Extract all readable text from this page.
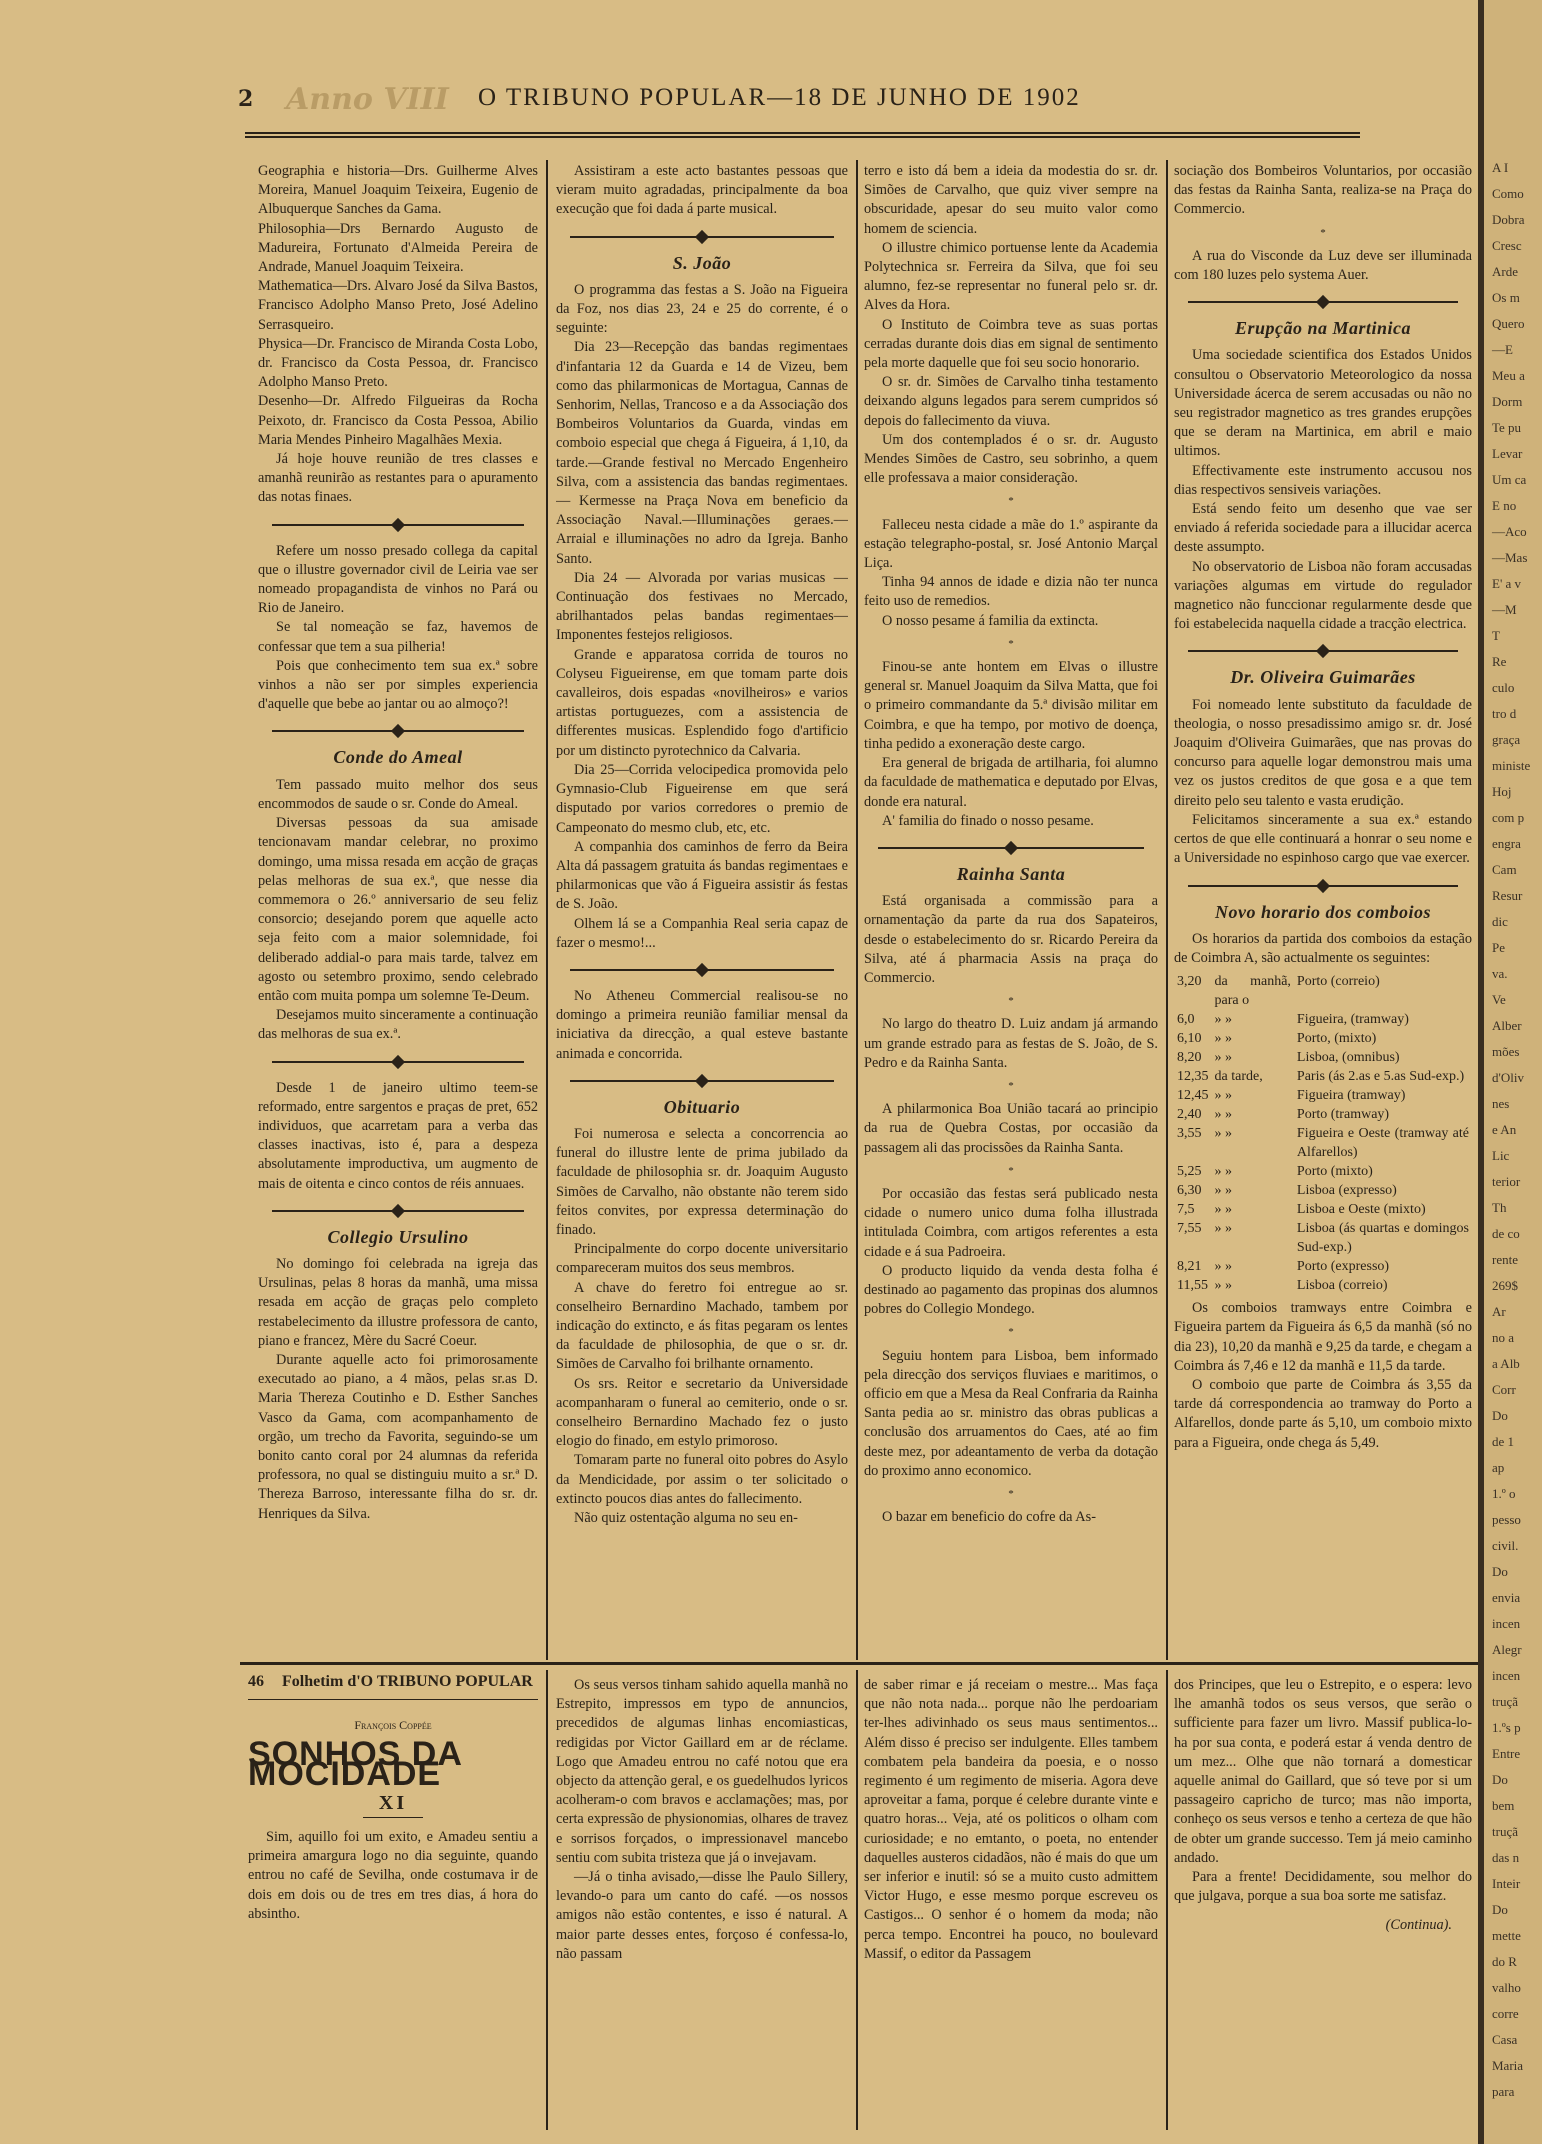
2 Anno VIII O TRIBUNO POPULAR—18 DE JUNHO DE 1902

Geographia e historia—Drs. Guilherme Alves Moreira, Manuel Joaquim Teixeira, Eugenio de Albuquerque Sanches da Gama.

Philosophia—Drs Bernardo Augusto de Madureira, Fortunato d'Almeida Pereira de Andrade, Manuel Joaquim Teixeira.

Mathematica—Drs. Alvaro José da Silva Bastos, Francisco Adolpho Manso Preto, José Adelino Serrasqueiro.

Physica—Dr. Francisco de Miranda Costa Lobo, dr. Francisco da Costa Pessoa, dr. Francisco Adolpho Manso Preto.

Desenho—Dr. Alfredo Filgueiras da Rocha Peixoto, dr. Francisco da Costa Pessoa, Abilio Maria Mendes Pinheiro Magalhães Mexia.

Já hoje houve reunião de tres classes e amanhã reunirão as restantes para o apuramento das notas finaes.

Refere um nosso presado collega da capital que o illustre governador civil de Leiria vae ser nomeado propagandista de vinhos no Pará ou Rio de Janeiro.

Se tal nomeação se faz, havemos de confessar que tem a sua pilheria!

Pois que conhecimento tem sua ex.ª sobre vinhos a não ser por simples experiencia d'aquelle que bebe ao jantar ou ao almoço?!

Conde do Ameal

Tem passado muito melhor dos seus encommodos de saude o sr. Conde do Ameal.

Diversas pessoas da sua amisade tencionavam mandar celebrar, no proximo domingo, uma missa resada em acção de graças pelas melhoras de sua ex.ª, que nesse dia commemora o 26.º anniversario de seu feliz consorcio; desejando porem que aquelle acto seja feito com a maior solemnidade, foi deliberado addial-o para mais tarde, talvez em agosto ou setembro proximo, sendo celebrado então com muita pompa um solemne Te-Deum.

Desejamos muito sinceramente a continuação das melhoras de sua ex.ª.

Desde 1 de janeiro ultimo teem-se reformado, entre sargentos e praças de pret, 652 individuos, que acarretam para a verba das classes inactivas, isto é, para a despeza absolutamente improductiva, um augmento de mais de oitenta e cinco contos de réis annuaes.

Collegio Ursulino

No domingo foi celebrada na igreja das Ursulinas, pelas 8 horas da manhã, uma missa resada em acção de graças pelo completo restabelecimento da illustre professora de canto, piano e francez, Mère du Sacré Coeur.

Durante aquelle acto foi primorosamente executado ao piano, a 4 mãos, pelas sr.as D. Maria Thereza Coutinho e D. Esther Sanches Vasco da Gama, com acompanhamento de orgão, um trecho da Favorita, seguindo-se um bonito canto coral por 24 alumnas da referida professora, no qual se distinguiu muito a sr.ª D. Thereza Barroso, interessante filha do sr. dr. Henriques da Silva.

Assistiram a este acto bastantes pessoas que vieram muito agradadas, principalmente da boa execução que foi dada á parte musical.

S. João

O programma das festas a S. João na Figueira da Foz, nos dias 23, 24 e 25 do corrente, é o seguinte:

Dia 23—Recepção das bandas regimentaes d'infantaria 12 da Guarda e 14 de Vizeu, bem como das philarmonicas de Mortagua, Cannas de Senhorim, Nellas, Trancoso e a da Associação dos Bombeiros Voluntarios da Guarda, vindas em comboio especial que chega á Figueira, á 1,10, da tarde.—Grande festival no Mercado Engenheiro Silva, com a assistencia das bandas regimentaes. — Kermesse na Praça Nova em beneficio da Associação Naval.—Illuminações geraes.—Arraial e illuminações no adro da Igreja. Banho Santo.

Dia 24 — Alvorada por varias musicas —Continuação dos festivaes no Mercado, abrilhantados pelas bandas regimentaes—Imponentes festejos religiosos.

Grande e apparatosa corrida de touros no Colyseu Figueirense, em que tomam parte dois cavalleiros, dois espadas «novilheiros» e varios artistas portuguezes, com a assistencia de differentes musicas. Esplendido fogo d'artificio por um distincto pyrotechnico da Calvaria.

Dia 25—Corrida velocipedica promovida pelo Gymnasio-Club Figueirense em que será disputado por varios corredores o premio de Campeonato do mesmo club, etc, etc.

A companhia dos caminhos de ferro da Beira Alta dá passagem gratuita ás bandas regimentaes e philarmonicas que vão á Figueira assistir ás festas de S. João.

Olhem lá se a Companhia Real seria capaz de fazer o mesmo!...

No Atheneu Commercial realisou-se no domingo a primeira reunião familiar mensal da iniciativa da direcção, a qual esteve bastante animada e concorrida.

Obituario

Foi numerosa e selecta a concorrencia ao funeral do illustre lente de prima jubilado da faculdade de philosophia sr. dr. Joaquim Augusto Simões de Carvalho, não obstante não terem sido feitos convites, por expressa determinação do finado.

Principalmente do corpo docente universitario compareceram muitos dos seus membros.

A chave do feretro foi entregue ao sr. conselheiro Bernardino Machado, tambem por indicação do extincto, e ás fitas pegaram os lentes da faculdade de philosophia, de que o sr. dr. Simões de Carvalho foi brilhante ornamento.

Os srs. Reitor e secretario da Universidade acompanharam o funeral ao cemiterio, onde o sr. conselheiro Bernardino Machado fez o justo elogio do finado, em estylo primoroso.

Tomaram parte no funeral oito pobres do Asylo da Mendicidade, por assim o ter solicitado o extincto poucos dias antes do fallecimento.

Não quiz ostentação alguma no seu en-

terro e isto dá bem a ideia da modestia do sr. dr. Simões de Carvalho, que quiz viver sempre na obscuridade, apesar do seu muito valor como homem de sciencia.

O illustre chimico portuense lente da Academia Polytechnica sr. Ferreira da Silva, que foi seu alumno, fez-se representar no funeral pelo sr. dr. Alves da Hora.

O Instituto de Coimbra teve as suas portas cerradas durante dois dias em signal de sentimento pela morte daquelle que foi seu socio honorario.

O sr. dr. Simões de Carvalho tinha testamento deixando alguns legados para serem cumpridos só depois do fallecimento da viuva.

Um dos contemplados é o sr. dr. Augusto Mendes Simões de Castro, seu sobrinho, a quem elle professava a maior consideração.

*

Falleceu nesta cidade a mãe do 1.º aspirante da estação telegrapho-postal, sr. José Antonio Marçal Liça.

Tinha 94 annos de idade e dizia não ter nunca feito uso de remedios.

O nosso pesame á familia da extincta.

*

Finou-se ante hontem em Elvas o illustre general sr. Manuel Joaquim da Silva Matta, que foi o primeiro commandante da 5.ª divisão militar em Coimbra, e que ha tempo, por motivo de doença, tinha pedido a exoneração deste cargo.

Era general de brigada de artilharia, foi alumno da faculdade de mathematica e deputado por Elvas, donde era natural.

A' familia do finado o nosso pesame.

Rainha Santa

Está organisada a commissão para a ornamentação da parte da rua dos Sapateiros, desde o estabelecimento do sr. Ricardo Pereira da Silva, até á pharmacia Assis na praça do Commercio.

*

No largo do theatro D. Luiz andam já armando um grande estrado para as festas de S. João, de S. Pedro e da Rainha Santa.

*

A philarmonica Boa União tacará ao principio da rua de Quebra Costas, por occasião da passagem ali das procissões da Rainha Santa.

*

Por occasião das festas será publicado nesta cidade o numero unico duma folha illustrada intitulada Coimbra, com artigos referentes a esta cidade e á sua Padroeira.

O producto liquido da venda desta folha é destinado ao pagamento das propinas dos alumnos pobres do Collegio Mondego.

*

Seguiu hontem para Lisboa, bem informado pela direcção dos serviços fluviaes e maritimos, o officio em que a Mesa da Real Confraria da Rainha Santa pedia ao sr. ministro das obras publicas a conclusão dos arruamentos do Caes, até ao fim deste mez, por adeantamento de verba da dotação do proximo anno economico.

*

O bazar em beneficio do cofre da As-

sociação dos Bombeiros Voluntarios, por occasião das festas da Rainha Santa, realiza-se na Praça do Commercio.

*

A rua do Visconde da Luz deve ser illuminada com 180 luzes pelo systema Auer.

Erupção na Martinica

Uma sociedade scientifica dos Estados Unidos consultou o Observatorio Meteorologico da nossa Universidade ácerca de serem accusadas ou não no seu registrador magnetico as tres grandes erupções que se deram na Martinica, em abril e maio ultimos.

Effectivamente este instrumento accusou nos dias respectivos sensiveis variações.

Está sendo feito um desenho que vae ser enviado á referida sociedade para a illucidar acerca deste assumpto.

No observatorio de Lisboa não foram accusadas variações algumas em virtude do regulador magnetico não funccionar regularmente desde que foi estabelecida naquella cidade a tracção electrica.

Dr. Oliveira Guimarães

Foi nomeado lente substituto da faculdade de theologia, o nosso presadissimo amigo sr. dr. José Joaquim d'Oliveira Guimarães, que nas provas do concurso para aquelle logar demonstrou mais uma vez os justos creditos de que gosa e a que tem direito pelo seu talento e vasta erudição.

Felicitamos sinceramente a sua ex.ª estando certos de que elle continuará a honrar o seu nome e a Universidade no espinhoso cargo que vae exercer.

Novo horario dos comboios

Os horarios da partida dos comboios da estação de Coimbra A, são actualmente os seguintes:

3,20	da manhã, para o	Porto (correio)
6,0	» »	Figueira, (tramway)
6,10	» »	Porto, (mixto)
8,20	» »	Lisboa, (omnibus)
12,35	da tarde,	Paris (ás 2.as e 5.as Sud-exp.)
12,45	» »	Figueira (tramway)
2,40	» »	Porto (tramway)
3,55	» »	Figueira e Oeste (tramway até Alfarellos)
5,25	» »	Porto (mixto)
6,30	» »	Lisboa (expresso)
7,5	» »	Lisboa e Oeste (mixto)
7,55	» »	Lisboa (ás quartas e domingos Sud-exp.)
8,21	» »	Porto (expresso)
11,55	» »	Lisboa (correio)

Os comboios tramways entre Coimbra e Figueira partem da Figueira ás 6,5 da manhã (só no dia 23), 10,20 da manhã e 9,25 da tarde, e chegam a Coimbra ás 7,46 e 12 da manhã e 11,5 da tarde.

O comboio que parte de Coimbra ás 3,55 da tarde dá correspondencia ao tramway do Porto a Alfarellos, donde parte ás 5,10, um comboio mixto para a Figueira, onde chega ás 5,49.

46 Folhetim d'O TRIBUNO POPULAR
François Coppée
SONHOS DA MOCIDADE
XI

Sim, aquillo foi um exito, e Amadeu sentiu a primeira amargura logo no dia seguinte, quando entrou no café de Sevilha, onde costumava ir de dois em dois ou de tres em tres dias, á hora do absintho.

Os seus versos tinham sahido aquella manhã no Estrepito, impressos em typo de annuncios, precedidos de algumas linhas encomiasticas, redigidas por Victor Gaillard em ar de réclame. Logo que Amadeu entrou no café notou que era objecto da attenção geral, e os guedelhudos lyricos acolheram-o com bravos e acclamações; mas, por certa expressão de physionomias, olhares de travez e sorrisos forçados, o impressionavel mancebo sentiu com subita tristeza que já o invejavam.

—Já o tinha avisado,—disse lhe Paulo Sillery, levando-o para um canto do café. —os nossos amigos não estão contentes, e isso é natural. A maior parte desses entes, forçoso é confessa-lo, não passam

de saber rimar e já receiam o mestre... Mas faça que não nota nada... porque não lhe perdoariam ter-lhes adivinhado os seus maus sentimentos... Além disso é preciso ser indulgente. Elles tambem combatem pela bandeira da poesia, e o nosso regimento é um regimento de miseria. Agora deve aproveitar a fama, porque é celebre durante vinte e quatro horas... Veja, até os politicos o olham com curiosidade; e no emtanto, o poeta, no entender daquelles austeros cidadãos, não é mais do que um ser inferior e inutil: só se a muito custo admittem Victor Hugo, e esse mesmo porque escreveu os Castigos... O senhor é o homem da moda; não perca tempo. Encontrei ha pouco, no boulevard Massif, o editor da Passagem

dos Principes, que leu o Estrepito, e o espera: levo lhe amanhã todos os seus versos, que serão o sufficiente para fazer um livro. Massif publica-lo-ha por sua conta, e poderá estar á venda dentro de um mez... Olhe que não tornará a domesticar aquelle animal do Gaillard, que só teve por si um passageiro capricho de turco; mas não importa, conheço os seus versos e tenho a certeza de que hão de obter um grande successo. Tem já meio caminho andado.

Para a frente! Decididamente, sou melhor do que julgava, porque a sua boa sorte me satisfaz.

(Continua).
A I
Como
Dobra
Cresc
Arde
Os m
Quero
—E
Meu a
Dorm
Te pu
Levar
Um ca
E no
—Aco
—Mas
E' a v
—M
T
Re
culo
tro d
graça
ministe
Hoj
com p
engra
Cam
Resur
dic
Pe
va.
Ve
Alber
mões
d'Oliv
nes
e An
Lic
terior
Th
de co
rente
269$
Ar
no a
a Alb
Corr
Do
de 1
ap
1.º o
pesso
civil.
Do
envia
incen
Alegr
incen
truçã
1.ºs p
Entre
Do
bem
truçã
das n
Inteir
Do
mette
do R
valho
corre
Casa
Maria
para
